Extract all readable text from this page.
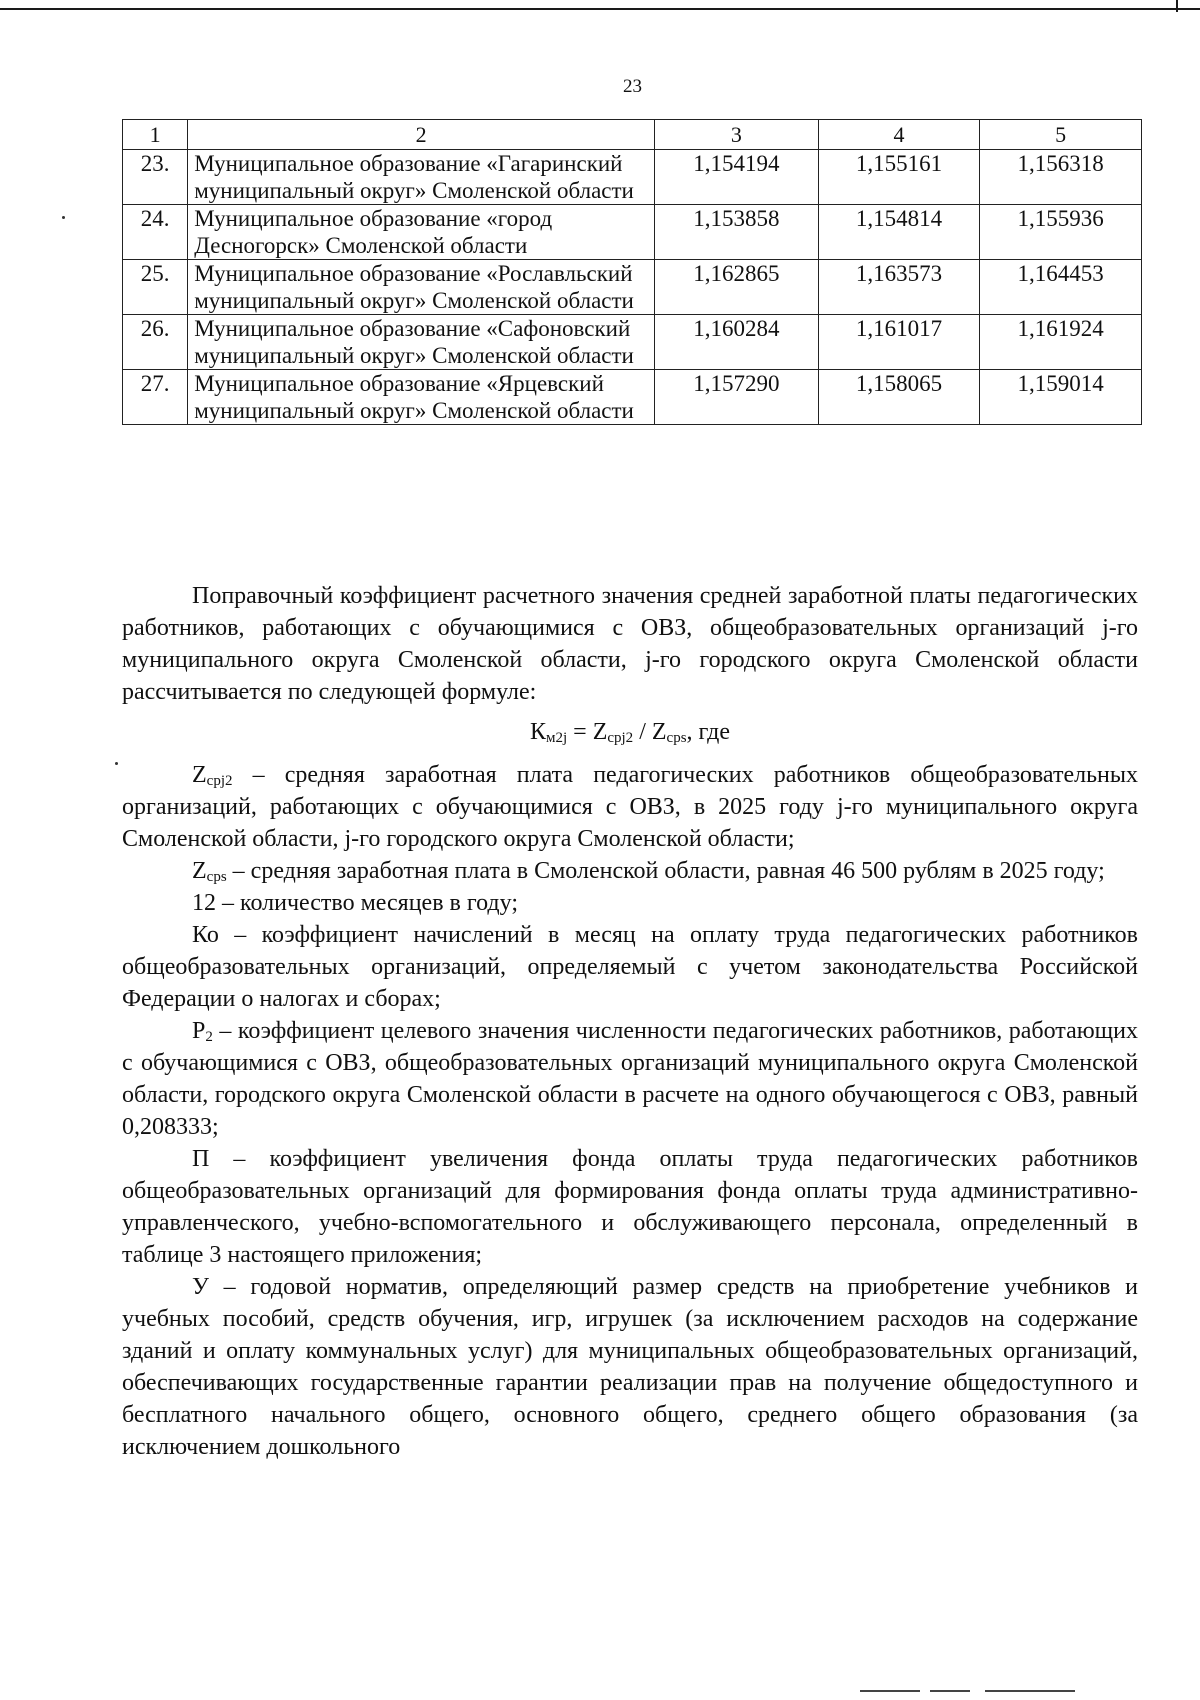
23
1	2	3	4	5
23.	Муниципальное образование «Гагаринский муниципальный округ» Смоленской области	1,154194	1,155161	1,156318
24.	Муниципальное образование «город Десногорск» Смоленской области	1,153858	1,154814	1,155936
25.	Муниципальное образование «Рославльский муниципальный округ» Смоленской области	1,162865	1,163573	1,164453
26.	Муниципальное образование «Сафоновский муниципальный округ» Смоленской области	1,160284	1,161017	1,161924
27.	Муниципальное образование «Ярцевский муниципальный округ» Смоленской области	1,157290	1,158065	1,159014

Поправочный коэффициент расчетного значения средней заработной платы педагогических работников, работающих с обучающимися с ОВЗ, общеобразовательных организаций j-го муниципального округа Смоленской области, j-го городского округа Смоленской области рассчитывается по следующей формуле:

$К_{м2j} = Z_{срj2} / Z_{срs}$, где

$Z_{срj2}$ – средняя заработная плата педагогических работников общеобразовательных организаций, работающих с обучающимися с ОВЗ, в 2025 году j-го муниципального округа Смоленской области, j-го городского округа Смоленской области;

$Z_{срs}$ – средняя заработная плата в Смоленской области, равная 46 500 рублям в 2025 году;

12 – количество месяцев в году;

Ко – коэффициент начислений в месяц на оплату труда педагогических работников общеобразовательных организаций, определяемый с учетом законодательства Российской Федерации о налогах и сборах;

$Р_2$ – коэффициент целевого значения численности педагогических работников, работающих с обучающимися с ОВЗ, общеобразовательных организаций муниципального округа Смоленской области, городского округа Смоленской области в расчете на одного обучающегося с ОВЗ, равный 0,208333;

П – коэффициент увеличения фонда оплаты труда педагогических работников общеобразовательных организаций для формирования фонда оплаты труда административно-управленческого, учебно-вспомогательного и обслуживающего персонала, определенный в таблице 3 настоящего приложения;

У – годовой норматив, определяющий размер средств на приобретение учебников и учебных пособий, средств обучения, игр, игрушек (за исключением расходов на содержание зданий и оплату коммунальных услуг) для муниципальных общеобразовательных организаций, обеспечивающих государственные гарантии реализации прав на получение общедоступного и бесплатного начального общего, основного общего, среднего общего образования (за исключением дошкольного
